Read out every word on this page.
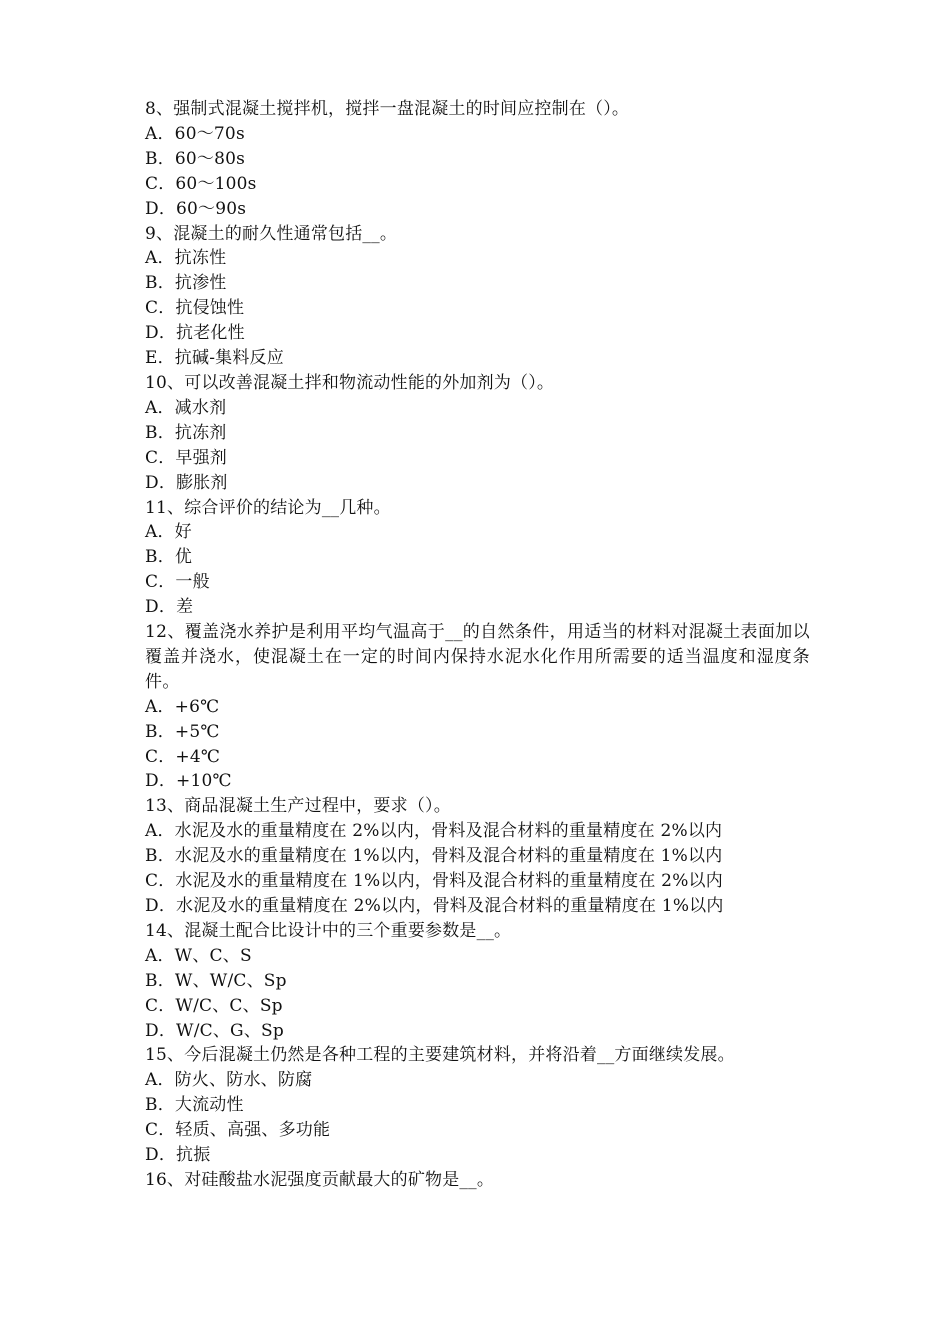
8、强制式混凝土搅拌机，搅拌一盘混凝土的时间应控制在（）。
A．60～70s
B．60～80s
C．60～100s
D．60～90s
9、混凝土的耐久性通常包括__。
A．抗冻性
B．抗渗性
C．抗侵蚀性
D．抗老化性
E．抗碱-集料反应
10、可以改善混凝土拌和物流动性能的外加剂为（）。
A．减水剂
B．抗冻剂
C．早强剂
D．膨胀剂
11、综合评价的结论为__几种。
A．好
B．优
C．一般
D．差
12、覆盖浇水养护是利用平均气温高于__的自然条件，用适当的材料对混凝土表面加以覆盖并浇水，使混凝土在一定的时间内保持水泥水化作用所需要的适当温度和湿度条件。
A．+6℃
B．+5℃
C．+4℃
D．+10℃
13、商品混凝土生产过程中，要求（）。
A．水泥及水的重量精度在 2%以内，骨料及混合材料的重量精度在 2%以内
B．水泥及水的重量精度在 1%以内，骨料及混合材料的重量精度在 1%以内
C．水泥及水的重量精度在 1%以内，骨料及混合材料的重量精度在 2%以内
D．水泥及水的重量精度在 2%以内，骨料及混合材料的重量精度在 1%以内
14、混凝土配合比设计中的三个重要参数是__。
A．W、C、S
B．W、W/C、Sp
C．W/C、C、Sp
D．W/C、G、Sp
15、今后混凝土仍然是各种工程的主要建筑材料，并将沿着__方面继续发展。
A．防火、防水、防腐
B．大流动性
C．轻质、高强、多功能
D．抗振
16、对硅酸盐水泥强度贡献最大的矿物是__。
